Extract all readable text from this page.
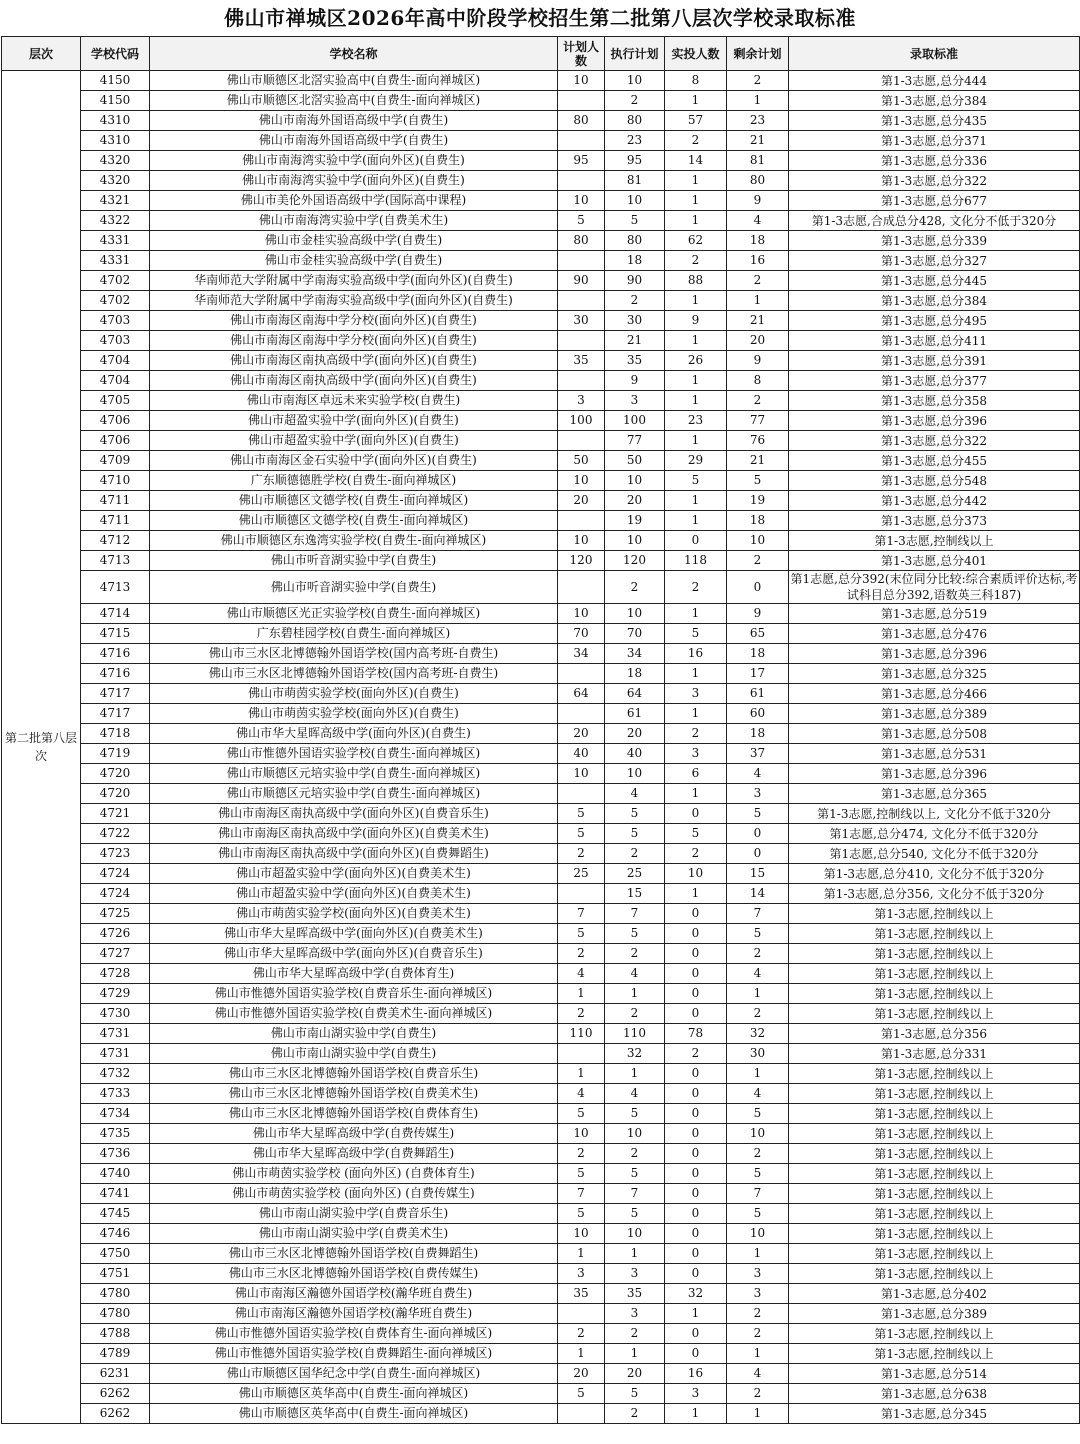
佛山市禅城区2026年高中阶段学校招生第二批第八层次学校录取标准
层次	学校代码	学校名称	计划人数	执行计划	实投人数	剩余计划	录取标准
第二批第八层次	4150	佛山市顺德区北滘实验高中(自费生-面向禅城区)	10	10	8	2	第1-3志愿,总分444
	4150	佛山市顺德区北滘实验高中(自费生-面向禅城区)		2	1	1	第1-3志愿,总分384
	4310	佛山市南海外国语高级中学(自费生)	80	80	57	23	第1-3志愿,总分435
	4310	佛山市南海外国语高级中学(自费生)		23	2	21	第1-3志愿,总分371
	4320	佛山市南海湾实验中学(面向外区)(自费生)	95	95	14	81	第1-3志愿,总分336
	4320	佛山市南海湾实验中学(面向外区)(自费生)		81	1	80	第1-3志愿,总分322
	4321	佛山市美伦外国语高级中学(国际高中课程)	10	10	1	9	第1-3志愿,总分677
	4322	佛山市南海湾实验中学(自费美术生)	5	5	1	4	第1-3志愿,合成总分428, 文化分不低于320分
	4331	佛山市金桂实验高级中学(自费生)	80	80	62	18	第1-3志愿,总分339
	4331	佛山市金桂实验高级中学(自费生)		18	2	16	第1-3志愿,总分327
	4702	华南师范大学附属中学南海实验高级中学(面向外区)(自费生)	90	90	88	2	第1-3志愿,总分445
	4702	华南师范大学附属中学南海实验高级中学(面向外区)(自费生)		2	1	1	第1-3志愿,总分384
	4703	佛山市南海区南海中学分校(面向外区)(自费生)	30	30	9	21	第1-3志愿,总分495
	4703	佛山市南海区南海中学分校(面向外区)(自费生)		21	1	20	第1-3志愿,总分411
	4704	佛山市南海区南执高级中学(面向外区)(自费生)	35	35	26	9	第1-3志愿,总分391
	4704	佛山市南海区南执高级中学(面向外区)(自费生)		9	1	8	第1-3志愿,总分377
	4705	佛山市南海区卓远未来实验学校(自费生)	3	3	1	2	第1-3志愿,总分358
	4706	佛山市超盈实验中学(面向外区)(自费生)	100	100	23	77	第1-3志愿,总分396
	4706	佛山市超盈实验中学(面向外区)(自费生)		77	1	76	第1-3志愿,总分322
	4709	佛山市南海区金石实验中学(面向外区)(自费生)	50	50	29	21	第1-3志愿,总分455
	4710	广东顺德德胜学校(自费生-面向禅城区)	10	10	5	5	第1-3志愿,总分548
	4711	佛山市顺德区文德学校(自费生-面向禅城区)	20	20	1	19	第1-3志愿,总分442
	4711	佛山市顺德区文德学校(自费生-面向禅城区)		19	1	18	第1-3志愿,总分373
	4712	佛山市顺德区东逸湾实验学校(自费生-面向禅城区)	10	10	0	10	第1-3志愿,控制线以上
	4713	佛山市听音湖实验中学(自费生)	120	120	118	2	第1-3志愿,总分401
	4713	佛山市听音湖实验中学(自费生)		2	2	0	第1志愿,总分392(末位同分比较:综合素质评价达标,考试科目总分392,语数英三科187)
	4714	佛山市顺德区光正实验学校(自费生-面向禅城区)	10	10	1	9	第1-3志愿,总分519
	4715	广东碧桂园学校(自费生-面向禅城区)	70	70	5	65	第1-3志愿,总分476
	4716	佛山市三水区北博德翰外国语学校(国内高考班-自费生)	34	34	16	18	第1-3志愿,总分396
	4716	佛山市三水区北博德翰外国语学校(国内高考班-自费生)		18	1	17	第1-3志愿,总分325
	4717	佛山市萌茵实验学校(面向外区)(自费生)	64	64	3	61	第1-3志愿,总分466
	4717	佛山市萌茵实验学校(面向外区)(自费生)		61	1	60	第1-3志愿,总分389
	4718	佛山市华大星晖高级中学(面向外区)(自费生)	20	20	2	18	第1-3志愿,总分508
	4719	佛山市惟德外国语实验学校(自费生-面向禅城区)	40	40	3	37	第1-3志愿,总分531
	4720	佛山市顺德区元培实验中学(自费生-面向禅城区)	10	10	6	4	第1-3志愿,总分396
	4720	佛山市顺德区元培实验中学(自费生-面向禅城区)		4	1	3	第1-3志愿,总分365
	4721	佛山市南海区南执高级中学(面向外区)(自费音乐生)	5	5	0	5	第1-3志愿,控制线以上, 文化分不低于320分
	4722	佛山市南海区南执高级中学(面向外区)(自费美术生)	5	5	5	0	第1志愿,总分474, 文化分不低于320分
	4723	佛山市南海区南执高级中学(面向外区)(自费舞蹈生)	2	2	2	0	第1志愿,总分540, 文化分不低于320分
	4724	佛山市超盈实验中学(面向外区)(自费美术生)	25	25	10	15	第1-3志愿,总分410, 文化分不低于320分
	4724	佛山市超盈实验中学(面向外区)(自费美术生)		15	1	14	第1-3志愿,总分356, 文化分不低于320分
	4725	佛山市萌茵实验学校(面向外区)(自费美术生)	7	7	0	7	第1-3志愿,控制线以上
	4726	佛山市华大星晖高级中学(面向外区)(自费美术生)	5	5	0	5	第1-3志愿,控制线以上
	4727	佛山市华大星晖高级中学(面向外区)(自费音乐生)	2	2	0	2	第1-3志愿,控制线以上
	4728	佛山市华大星晖高级中学(自费体育生)	4	4	0	4	第1-3志愿,控制线以上
	4729	佛山市惟德外国语实验学校(自费音乐生-面向禅城区)	1	1	0	1	第1-3志愿,控制线以上
	4730	佛山市惟德外国语实验学校(自费美术生-面向禅城区)	2	2	0	2	第1-3志愿,控制线以上
	4731	佛山市南山湖实验中学(自费生)	110	110	78	32	第1-3志愿,总分356
	4731	佛山市南山湖实验中学(自费生)		32	2	30	第1-3志愿,总分331
	4732	佛山市三水区北博德翰外国语学校(自费音乐生)	1	1	0	1	第1-3志愿,控制线以上
	4733	佛山市三水区北博德翰外国语学校(自费美术生)	4	4	0	4	第1-3志愿,控制线以上
	4734	佛山市三水区北博德翰外国语学校(自费体育生)	5	5	0	5	第1-3志愿,控制线以上
	4735	佛山市华大星晖高级中学(自费传媒生)	10	10	0	10	第1-3志愿,控制线以上
	4736	佛山市华大星晖高级中学(自费舞蹈生)	2	2	0	2	第1-3志愿,控制线以上
	4740	佛山市萌茵实验学校 (面向外区) (自费体育生)	5	5	0	5	第1-3志愿,控制线以上
	4741	佛山市萌茵实验学校 (面向外区) (自费传媒生)	7	7	0	7	第1-3志愿,控制线以上
	4745	佛山市南山湖实验中学(自费音乐生)	5	5	0	5	第1-3志愿,控制线以上
	4746	佛山市南山湖实验中学(自费美术生)	10	10	0	10	第1-3志愿,控制线以上
	4750	佛山市三水区北博德翰外国语学校(自费舞蹈生)	1	1	0	1	第1-3志愿,控制线以上
	4751	佛山市三水区北博德翰外国语学校(自费传媒生)	3	3	0	3	第1-3志愿,控制线以上
	4780	佛山市南海区瀚德外国语学校(瀚华班自费生)	35	35	32	3	第1-3志愿,总分402
	4780	佛山市南海区瀚德外国语学校(瀚华班自费生)		3	1	2	第1-3志愿,总分389
	4788	佛山市惟德外国语实验学校(自费体育生-面向禅城区)	2	2	0	2	第1-3志愿,控制线以上
	4789	佛山市惟德外国语实验学校(自费舞蹈生-面向禅城区)	1	1	0	1	第1-3志愿,控制线以上
	6231	佛山市顺德区国华纪念中学(自费生-面向禅城区)	20	20	16	4	第1-3志愿,总分514
	6262	佛山市顺德区英华高中(自费生-面向禅城区)	5	5	3	2	第1-3志愿,总分638
	6262	佛山市顺德区英华高中(自费生-面向禅城区)		2	1	1	第1-3志愿,总分345
